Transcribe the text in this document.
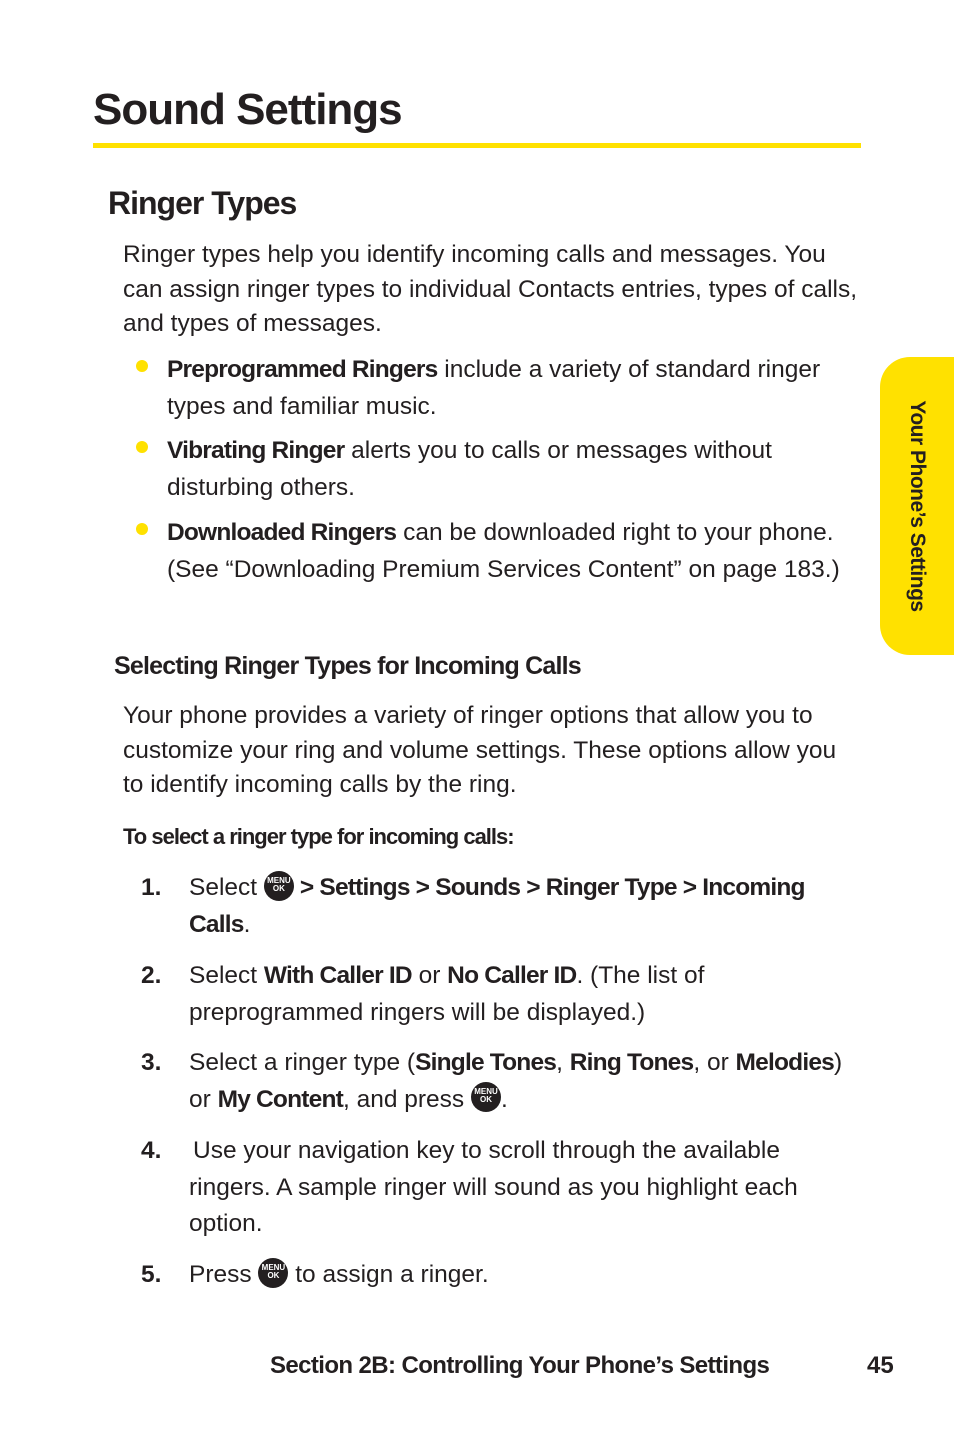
Sound Settings
Ringer Types

Ringer types help you identify incoming calls and messages. You can assign ringer types to individual Contacts entries, types of calls, and types of messages.

Preprogrammed Ringers include a variety of standard ringer types and familiar music.

Vibrating Ringer alerts you to calls or messages without disturbing others.

Downloaded Ringers can be downloaded right to your phone. (See “Downloading Premium Services Content” on page 183.)

Selecting Ringer Types for Incoming Calls

Your phone provides a variety of ringer options that allow you to customize your ring and volume settings. These options allow you to identify incoming calls by the ring.

To select a ringer type for incoming calls:

1. Select MENU
OK > Settings > Sounds > Ringer Type > Incoming Calls.

2. Select With Caller ID or No Caller ID. (The list of preprogrammed ringers will be displayed.)

3. Select a ringer type (Single Tones, Ring Tones, or Melodies) or My Content, and press MENU
OK .

4. Use your navigation key to scroll through the available ringers. A sample ringer will sound as you highlight each option.

5. Press MENU
OK to assign a ringer.

Your Phone’s Settings
Section 2B: Controlling Your Phone’s Settings	45
